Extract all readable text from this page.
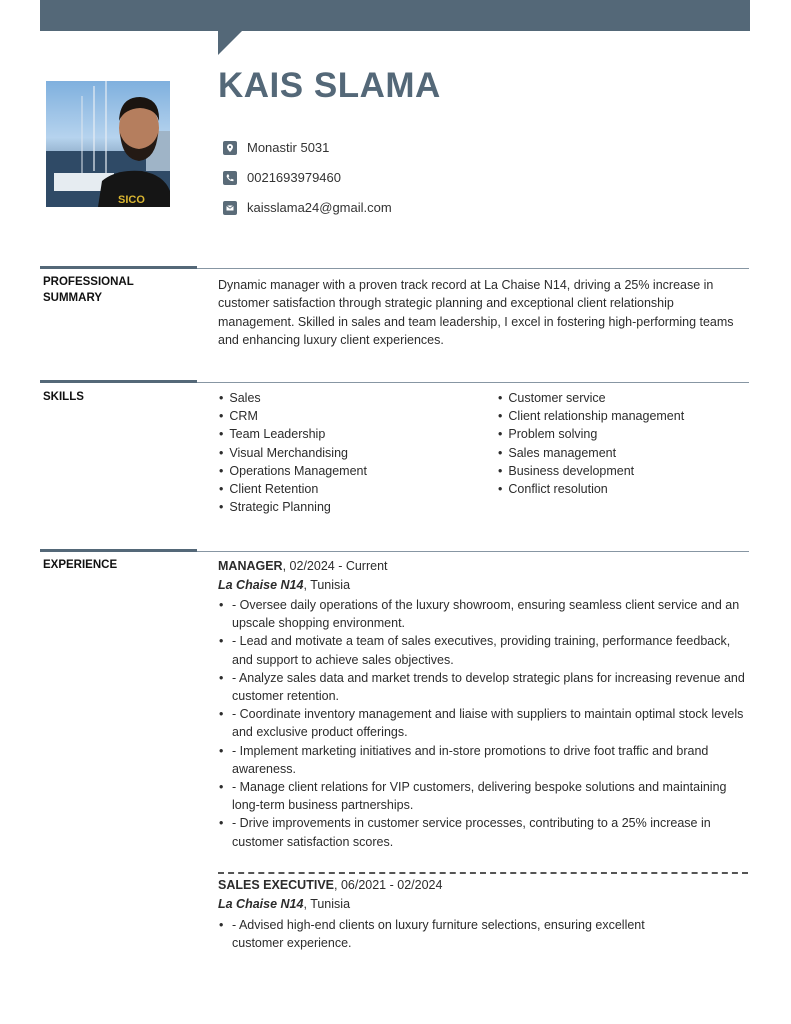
SICO
KAIS SLAMA
Monastir 5031
0021693979460
kaisslama24@gmail.com
PROFESSIONAL
SUMMARY
Dynamic manager with a proven track record at La Chaise N14, driving a 25% increase in customer satisfaction through strategic planning and exceptional client relationship management. Skilled in sales and team leadership, I excel in fostering high-performing teams and enhancing luxury client experiences.
SKILLS
•	Sales
• CRM
• Team Leadership
• Visual Merchandising
• Operations Management
• Client Retention
• Strategic Planning
• Customer service
• Client relationship management
• Problem solving
• Sales management
• Business development
• Conflict resolution
EXPERIENCE	MANAGER, 02/2024 - Current
La Chaise N14, Tunisia
• - Oversee daily operations of the luxury showroom, ensuring seamless client service and an upscale shopping environment.
• - Lead and motivate a team of sales executives, providing training, performance feedback, and support to achieve sales objectives.
• - Analyze sales data and market trends to develop strategic plans for increasing revenue and customer retention.
• - Coordinate inventory management and liaise with suppliers to maintain optimal stock levels and exclusive product offerings.
• - Implement marketing initiatives and in-store promotions to drive foot traffic and brand awareness.
• - Manage client relations for VIP customers, delivering bespoke solutions and maintaining long-term business partnerships.
• - Drive improvements in customer service processes, contributing to a 25% increase in customer satisfaction scores.
SALES EXECUTIVE, 06/2021 - 02/2024
La Chaise N14, Tunisia
• - Advised high-end clients on luxury furniture selections, ensuring excellent customer experience.
